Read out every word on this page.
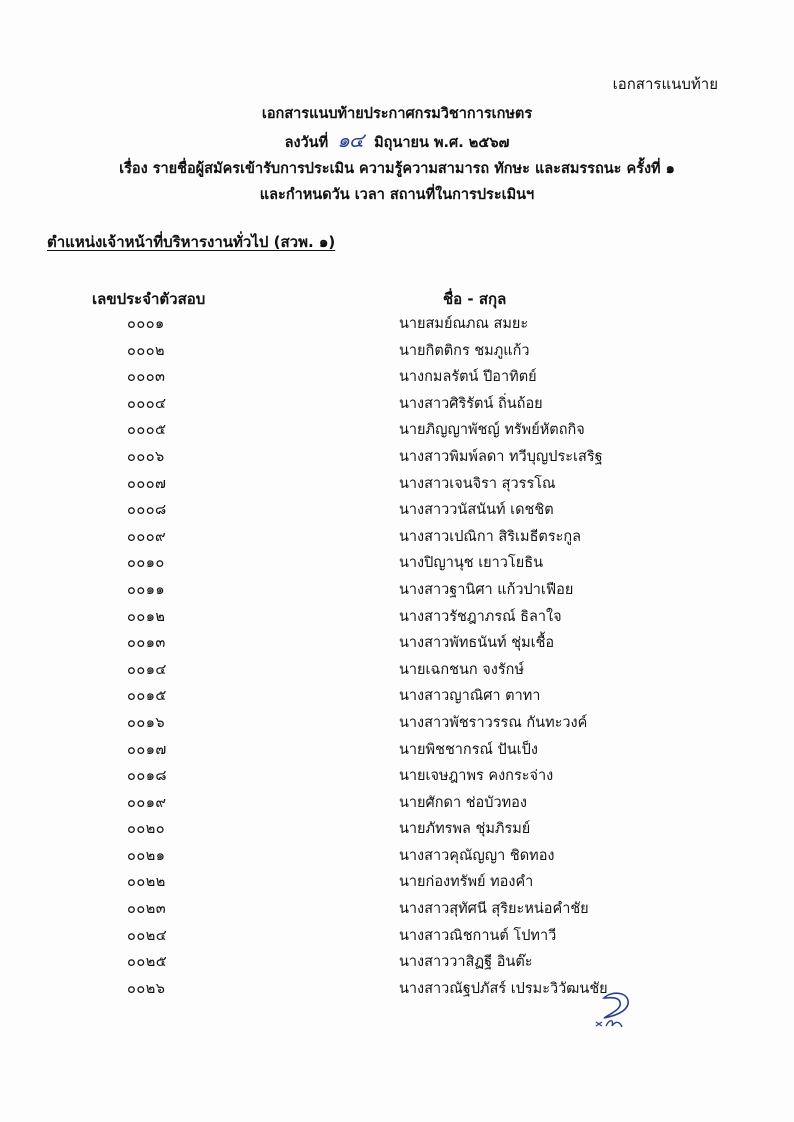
เอกสารแนบท้าย
เอกสารแนบท้ายประกาศกรมวิชาการเกษตร
ลงวันที่ ๑๔ มิถุนายน พ.ศ. ๒๕๖๗
เรื่อง รายชื่อผู้สมัครเข้ารับการประเมิน ความรู้ความสามารถ ทักษะ และสมรรถนะ ครั้งที่ ๑
และกำหนดวัน เวลา สถานที่ในการประเมินฯ
ตำแหน่งเจ้าหน้าที่บริหารงานทั่วไป (สวพ. ๑)
เลขประจำตัวสอบ	ชื่อ - สกุล
๐๐๐๑	นายสมย์ณภณ สมยะ
๐๐๐๒	นายกิตติกร ชมภูแก้ว
๐๐๐๓	นางกมลรัตน์ ปีอาทิตย์
๐๐๐๔	นางสาวศิริรัตน์ ถิ่นถ้อย
๐๐๐๕	นายภิญญาพัชญ์ ทรัพย์หัตถกิจ
๐๐๐๖	นางสาวพิมพ์ลดา ทวีบุญประเสริฐ
๐๐๐๗	นางสาวเจนจิรา สุวรรโณ
๐๐๐๘	นางสาววนัสนันท์ เดชชิต
๐๐๐๙	นางสาวเปณิกา สิริเมธีตระกูล
๐๐๑๐	นางปิญานุช เยาวโยธิน
๐๐๑๑	นางสาวฐานิศา แก้วปาเฟือย
๐๐๑๒	นางสาวรัชฎาภรณ์ ธิลาใจ
๐๐๑๓	นางสาวพัทธนันท์ ชุ่มเชื้อ
๐๐๑๔	นายเฉกชนก จงรักษ์
๐๐๑๕	นางสาวญาณิศา ตาทา
๐๐๑๖	นางสาวพัชราวรรณ กันทะวงค์
๐๐๑๗	นายพิชชากรณ์ ปันเป็ง
๐๐๑๘	นายเจษฎาพร คงกระจ่าง
๐๐๑๙	นายศักดา ช่อบัวทอง
๐๐๒๐	นายภัทรพล ชุ่มภิรมย์
๐๐๒๑	นางสาวคุณัญญา ชิดทอง
๐๐๒๒	นายก่องทรัพย์ ทองคำ
๐๐๒๓	นางสาวสุทัศนี สุริยะหน่อคำชัย
๐๐๒๔	นางสาวณิชกานต์ โปทาวี
๐๐๒๕	นางสาววาสิฏฐี อินต๊ะ
๐๐๒๖	นางสาวณัฐปภัสร์ เปรมะวิวัฒนชัย
